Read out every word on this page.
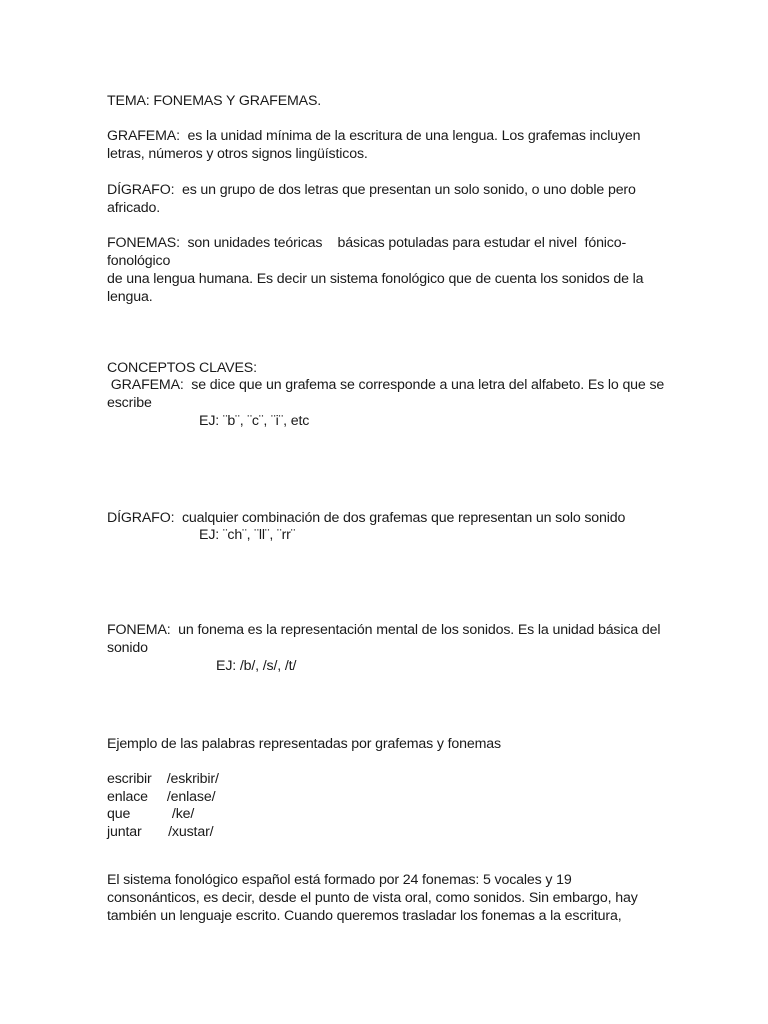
TEMA: FONEMAS Y GRAFEMAS.
GRAFEMA:  es la unidad mínima de la escritura de una lengua. Los grafemas incluyen
letras, números y otros signos lingüísticos.
DÍGRAFO:  es un grupo de dos letras que presentan un solo sonido, o uno doble pero
africado.
FONEMAS:  son unidades teóricas    básicas potuladas para estudar el nivel  fónico-
fonológico
de una lengua humana. Es decir un sistema fonológico que de cuenta los sonidos de la
lengua.
CONCEPTOS CLAVES:
GRAFEMA:  se dice que un grafema se corresponde a una letra del alfabeto. Es lo que se
escribe
EJ: ¨b¨, ¨c¨, ¨i¨, etc
DÍGRAFO:  cualquier combinación de dos grafemas que representan un solo sonido
EJ: ¨ch¨, ¨ll¨, ¨rr¨
FONEMA:  un fonema es la representación mental de los sonidos. Es la unidad básica del
sonido
EJ: /b/, /s/, /t/
Ejemplo de las palabras representadas por grafemas y fonemas
escribir    /eskribir/
enlace     /enlase/
que           /ke/
juntar       /xustar/
El sistema fonológico español está formado por 24 fonemas: 5 vocales y 19
consonánticos, es decir, desde el punto de vista oral, como sonidos. Sin embargo, hay
también un lenguaje escrito. Cuando queremos trasladar los fonemas a la escritura,
